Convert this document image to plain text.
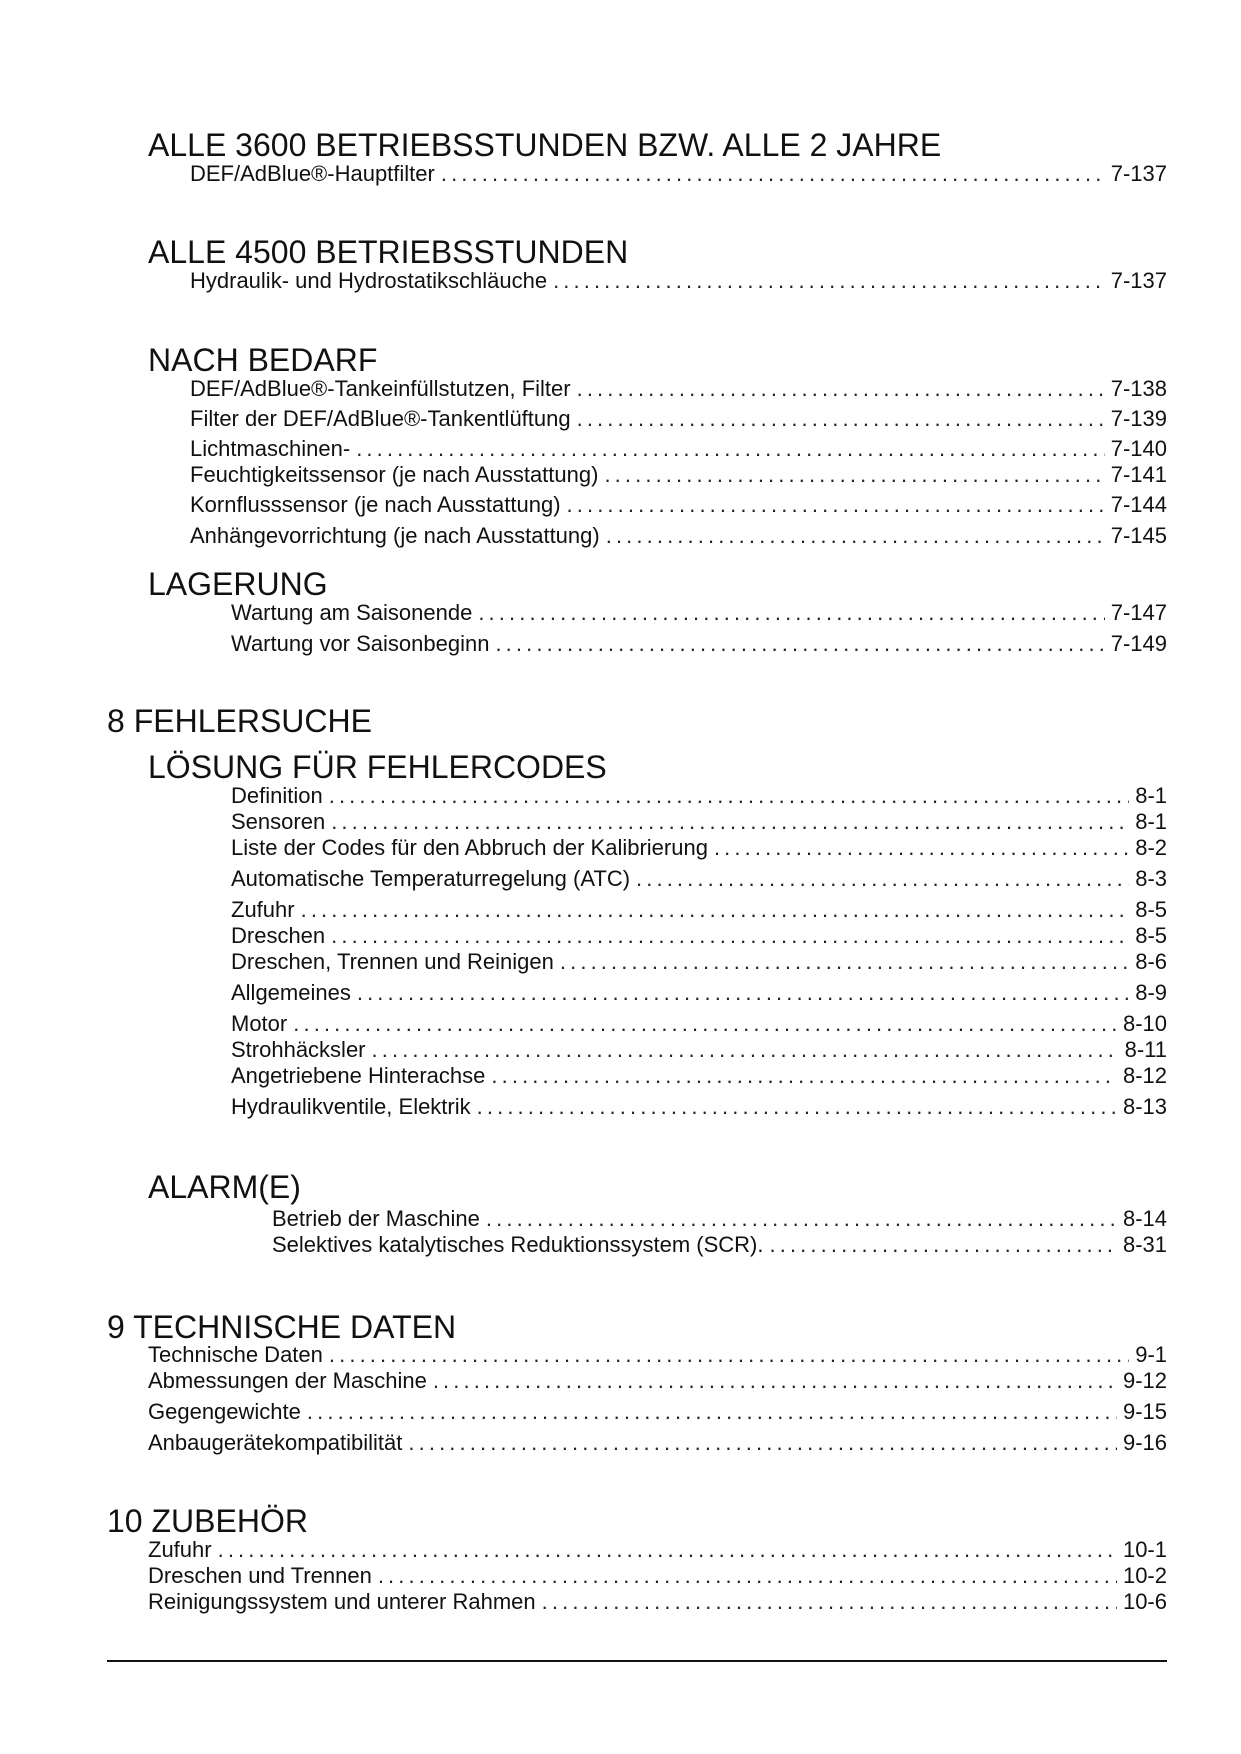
ALLE 3600 BETRIEBSSTUNDEN BZW. ALLE 2 JAHRE
DEF/AdBlue®-Hauptfilter . . .	7-137
ALLE 4500 BETRIEBSSTUNDEN
Hydraulik- und Hydrostatikschläuche . . .	7-137
NACH BEDARF
DEF/AdBlue®-Tankeinfüllstutzen, Filter . . .	7-138
Filter der DEF/AdBlue®-Tankentlüftung . . .	7-139
Lichtmaschinen- . . .	7-140
Feuchtigkeitssensor (je nach Ausstattung) . . .	7-141
Kornflusssensor (je nach Ausstattung) . . .	7-144
Anhängevorrichtung (je nach Ausstattung) . . .	7-145
LAGERUNG
Wartung am Saisonende . . .	7-147
Wartung vor Saisonbeginn . . .	7-149
8 FEHLERSUCHE
LÖSUNG FÜR FEHLERCODES
Definition . . .	8-1
Sensoren . . .	8-1
Liste der Codes für den Abbruch der Kalibrierung . . .	8-2
Automatische Temperaturregelung (ATC) . . .	8-3
Zufuhr . . .	8-5
Dreschen . . .	8-5
Dreschen, Trennen und Reinigen . . .	8-6
Allgemeines . . .	8-9
Motor . . .	8-10
Strohhäcksler . . .	8-11
Angetriebene Hinterachse . . .	8-12
Hydraulikventile, Elektrik . . .	8-13
ALARM(E)
Betrieb der Maschine . . .	8-14
Selektives katalytisches Reduktionssystem (SCR). . . .	8-31
9 TECHNISCHE DATEN
Technische Daten . . .	9-1
Abmessungen der Maschine . . .	9-12
Gegengewichte . . .	9-15
Anbaugerätekompatibilität . . .	9-16
10 ZUBEHÖR
Zufuhr . . .	10-1
Dreschen und Trennen . . .	10-2
Reinigungssystem und unterer Rahmen . . .	10-6
